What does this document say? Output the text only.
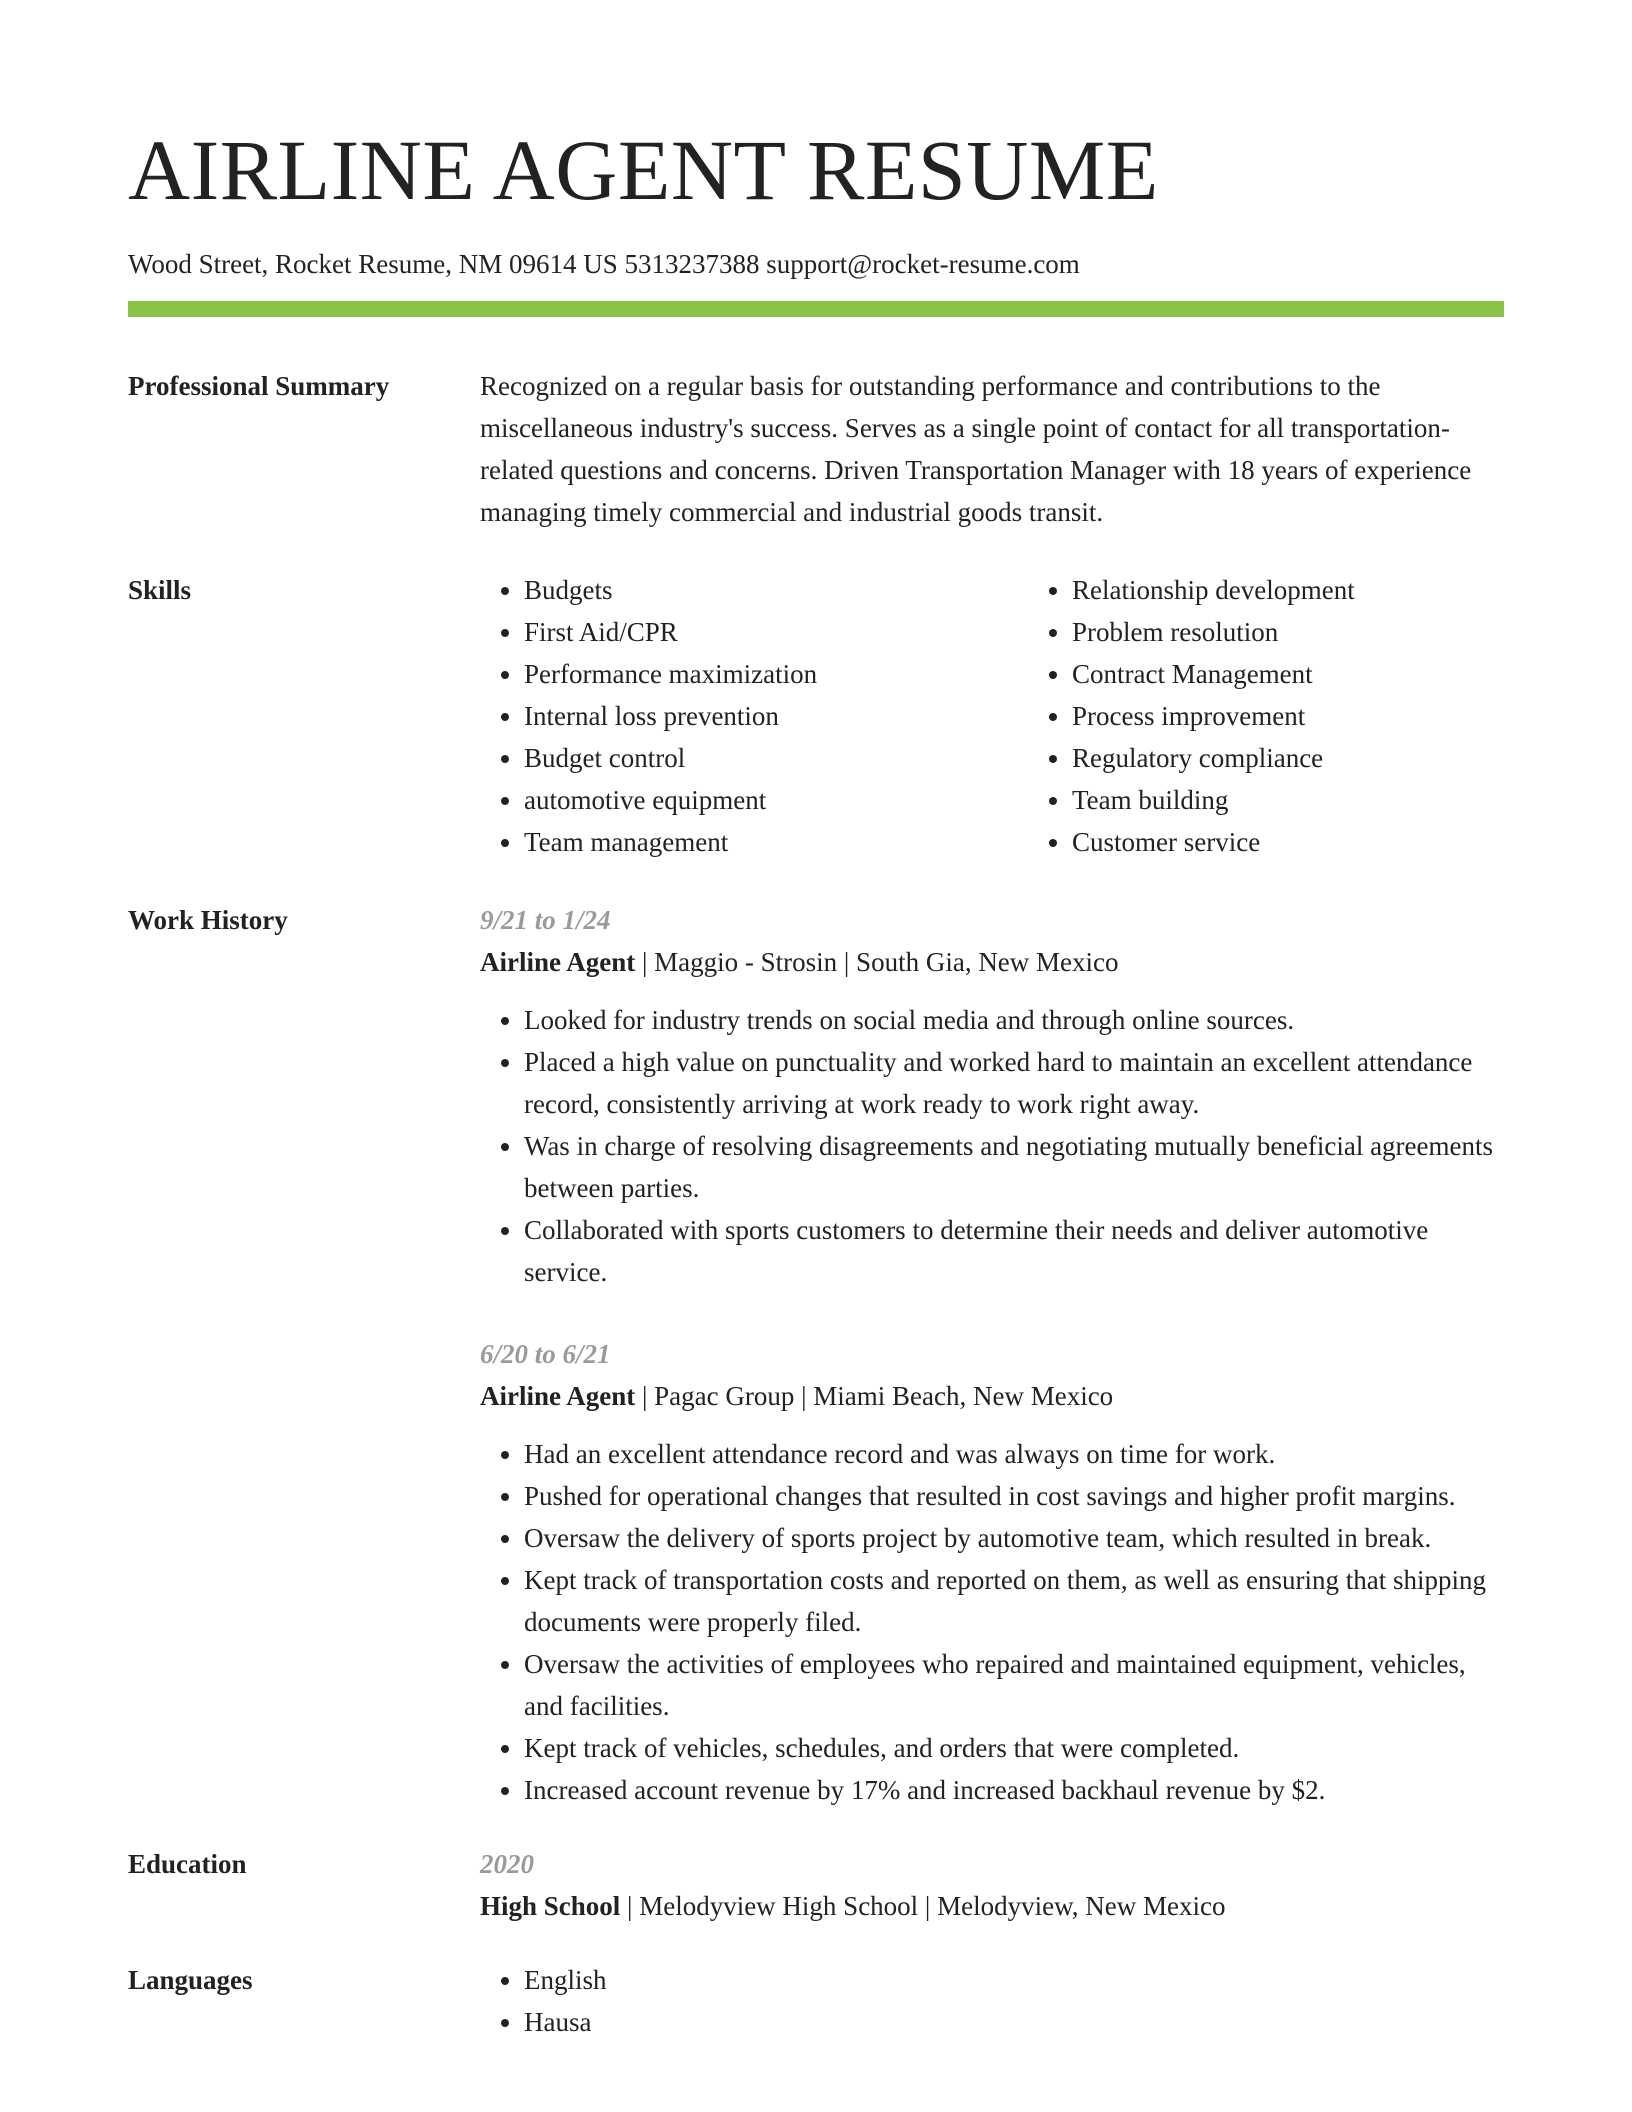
AIRLINE AGENT RESUME
Wood Street, Rocket Resume, NM 09614 US 5313237388 support@rocket-resume.com
Professional Summary	Recognized on a regular basis for outstanding performance and contributions to the miscellaneous industry's success. Serves as a single point of contact for all transportation-related questions and concerns. Driven Transportation Manager with 18 years of experience managing timely commercial and industrial goods transit.
Skills	• Budgets
• First Aid/CPR
• Performance maximization
• Internal loss prevention
• Budget control
• automotive equipment
• Team management
• Relationship development
• Problem resolution
• Contract Management
• Process improvement
• Regulatory compliance
• Team building
• Customer service
Work History	9/21 to 1/24
Airline Agent | Maggio - Strosin | South Gia, New Mexico
• Looked for industry trends on social media and through online sources.
• Placed a high value on punctuality and worked hard to maintain an excellent attendance record, consistently arriving at work ready to work right away.
• Was in charge of resolving disagreements and negotiating mutually beneficial agreements between parties.
• Collaborated with sports customers to determine their needs and deliver automotive service.
6/20 to 6/21
Airline Agent | Pagac Group | Miami Beach, New Mexico
• Had an excellent attendance record and was always on time for work.
• Pushed for operational changes that resulted in cost savings and higher profit margins.
• Oversaw the delivery of sports project by automotive team, which resulted in break.
• Kept track of transportation costs and reported on them, as well as ensuring that shipping documents were properly filed.
• Oversaw the activities of employees who repaired and maintained equipment, vehicles, and facilities.
• Kept track of vehicles, schedules, and orders that were completed.
• Increased account revenue by 17% and increased backhaul revenue by $2.
Education	2020
High School | Melodyview High School | Melodyview, New Mexico
Languages	• English
• Hausa
